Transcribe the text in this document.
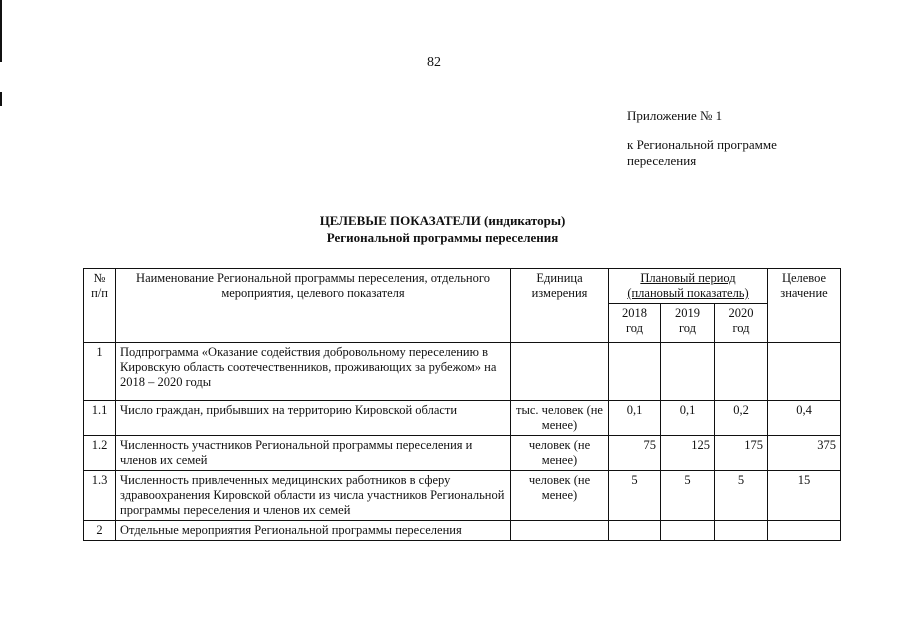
82
Приложение № 1
к Региональной программе
переселения
ЦЕЛЕВЫЕ ПОКАЗАТЕЛИ (индикаторы)
Региональной программы переселения
№ п/п	Наименование Региональной программы переселения, отдельного мероприятия, целевого показателя	Единица измерения	Плановый период (плановый показатель)			Целевое значение
			2018 год	2019 год	2020 год	
1	Подпрограмма «Оказание содействия добровольному переселению в Кировскую область соотечественников, проживающих за рубежом» на 2018 – 2020 годы					
1.1	Число граждан, прибывших на территорию Кировской области	тыс. человек (не менее)	0,1	0,1	0,2	0,4
1.2	Численность участников Региональной программы переселения и членов их семей	человек (не менее)	75	125	175	375
1.3	Численность привлеченных медицинских работников в сферу здравоохранения Кировской области из числа участников Региональной программы переселения и членов их семей	человек (не менее)	5	5	5	15
2	Отдельные мероприятия Региональной программы переселения					
